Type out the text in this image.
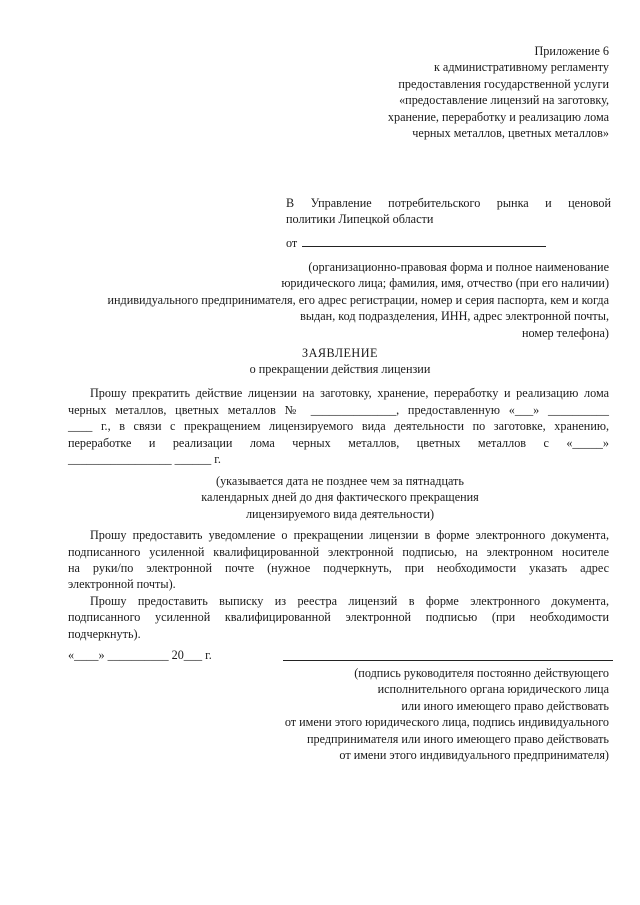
Приложение 6
к административному регламенту
предоставления государственной услуги
«предоставление лицензий на заготовку,
хранение, переработку и реализацию лома
черных металлов, цветных металлов»
В Управление потребительского рынка и ценовой
политики Липецкой области
от
(организационно-правовая форма и полное наименование
юридического лица; фамилия, имя, отчество (при его наличии)
индивидуального предпринимателя, его адрес регистрации, номер и серия паспорта, кем и когда
выдан, код подразделения, ИНН, адрес электронной почты,
номер телефона)
ЗАЯВЛЕНИЕ
о прекращении действия лицензии
Прошу прекратить действие лицензии на заготовку, хранение, переработку и реализацию лома
черных металлов, цветных металлов № ______________, предоставленную «___» __________
____ г., в связи с прекращением лицензируемого вида деятельности по заготовке, хранению,
переработке и реализации лома черных металлов, цветных металлов с «_____»
_________________ ______ г.
(указывается дата не позднее чем за пятнадцать
календарных дней до дня фактического прекращения
лицензируемого вида деятельности)
Прошу предоставить уведомление о прекращении лицензии в форме электронного документа,
подписанного усиленной квалифицированной электронной подписью, на электронном носителе
на руки/по электронной почте (нужное подчеркнуть, при необходимости указать адрес
электронной почты).
Прошу предоставить выписку из реестра лицензий в форме электронного документа,
подписанного усиленной квалифицированной электронной подписью (при необходимости
подчеркнуть).
«____» __________ 20___ г.
(подпись руководителя постоянно действующего
исполнительного органа юридического лица
или иного имеющего право действовать
от имени этого юридического лица, подпись индивидуального
предпринимателя или иного имеющего право действовать
от имени этого индивидуального предпринимателя)
